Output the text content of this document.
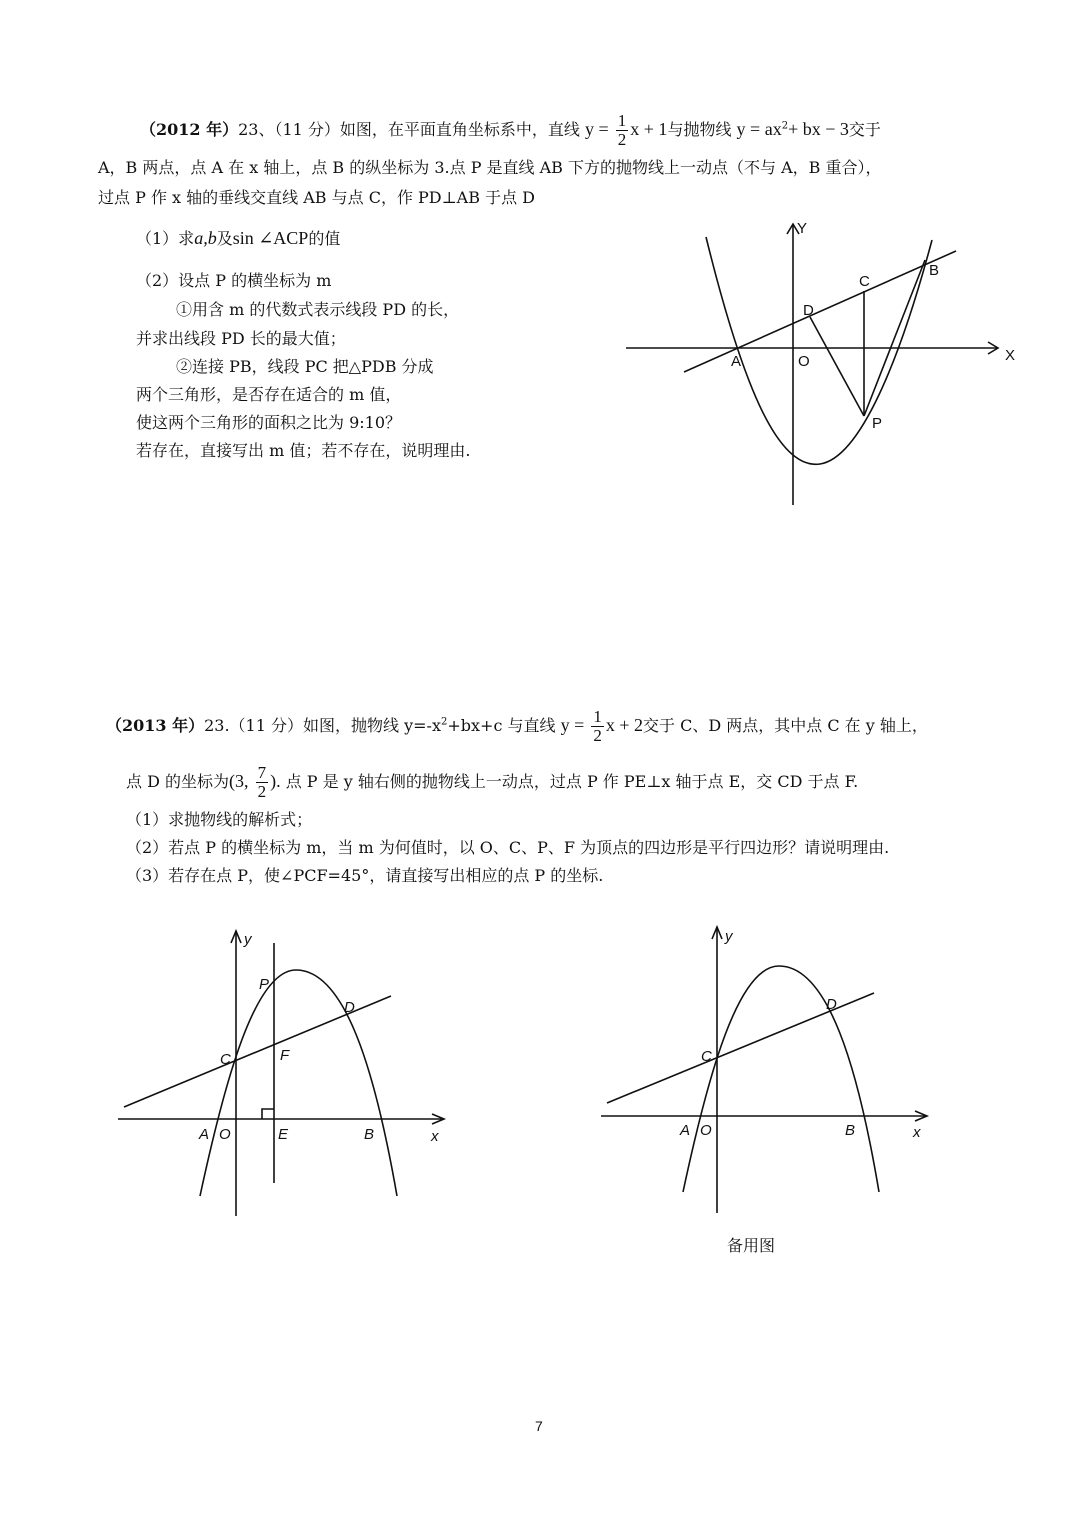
（2012 年）23、（11 分）如图，在平面直角坐标系中，直线 $y = \frac{1}{2}$ x + 1与抛物线 $y = ax^2+$ bx − 3交于
A，B 两点，点 A 在 x 轴上，点 B 的纵坐标为 3.点 P 是直线 AB 下方的抛物线上一动点（不与 A，B 重合），
过点 P 作 x 轴的垂线交直线 AB 与点 C，作 PD⊥AB 于点 D
（1）求a,b及sin ∠ACP的值
（2）设点 P 的横坐标为 m
①用含 m 的代数式表示线段 PD 的长，
并求出线段 PD 长的最大值；
②连接 PB，线段 PC 把△PDB 分成
两个三角形，是否存在适合的 m 值，
使这两个三角形的面积之比为 9:10？
若存在，直接写出 m 值；若不存在，说明理由.
Y
X
A	O
B
C
D
P
（2013 年）23.（11 分）如图，抛物线 $y=-x^2+bx+c$ 与直线 $y = \frac{1}{2}$ x + 2交于 C、D 两点，其中点 C 在 y 轴上，
点 D 的坐标为(3, $\frac{7}{2}$ ). 点 P 是 y 轴右侧的抛物线上一动点，过点 P 作 PE⊥x 轴于点 E，交 CD 于点 F.
（1）求抛物线的解析式；
（2）若点 P 的横坐标为 m，当 m 为何值时，以 O、C、P、F 为顶点的四边形是平行四边形？请说明理由.
（3）若存在点 P，使∠PCF=45°，请直接写出相应的点 P 的坐标.
y
x
A O	E	B
C	F
P
D
y
x
A O	B
C
D
备用图
7
